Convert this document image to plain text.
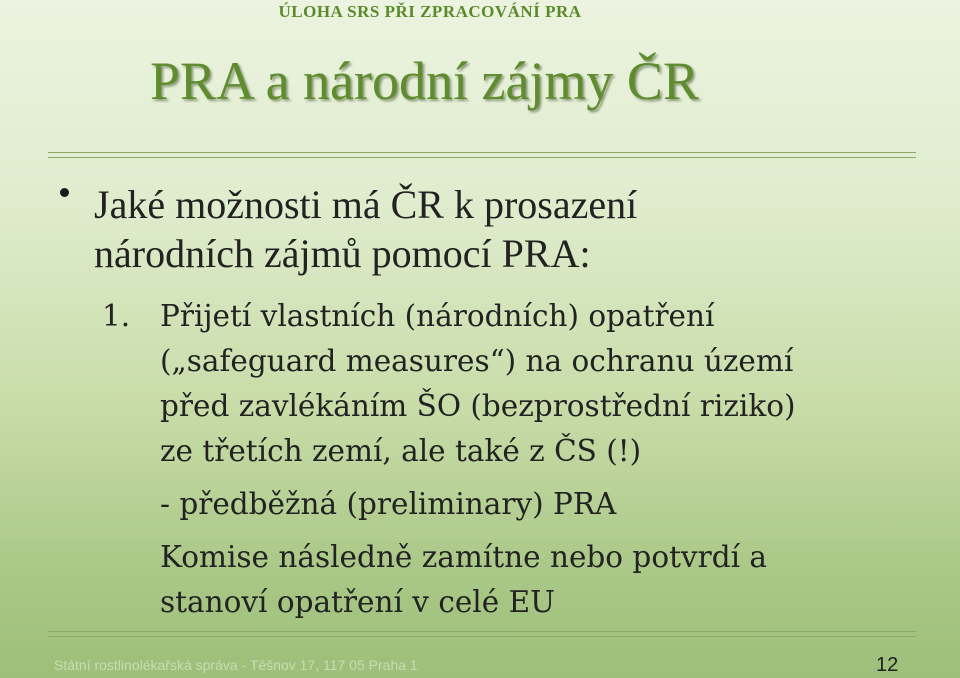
ÚLOHA SRS PŘI ZPRACOVÁNÍ PRA
PRA a národní zájmy ČR
Jaké možnosti má ČR k prosazení
národních zájmů pomocí PRA:
1. Přijetí vlastních (národních) opatření

(„safeguard measures“) na ochranu území

před zavlékáním ŠO (bezprostřední riziko)

ze třetích zemí, ale také z ČS (!)

- předběžná (preliminary) PRA

Komise následně zamítne nebo potvrdí a

stanoví opatření v celé EU

Státní rostlinolékařská správa - Těšnov 17, 117 05 Praha 1	12
